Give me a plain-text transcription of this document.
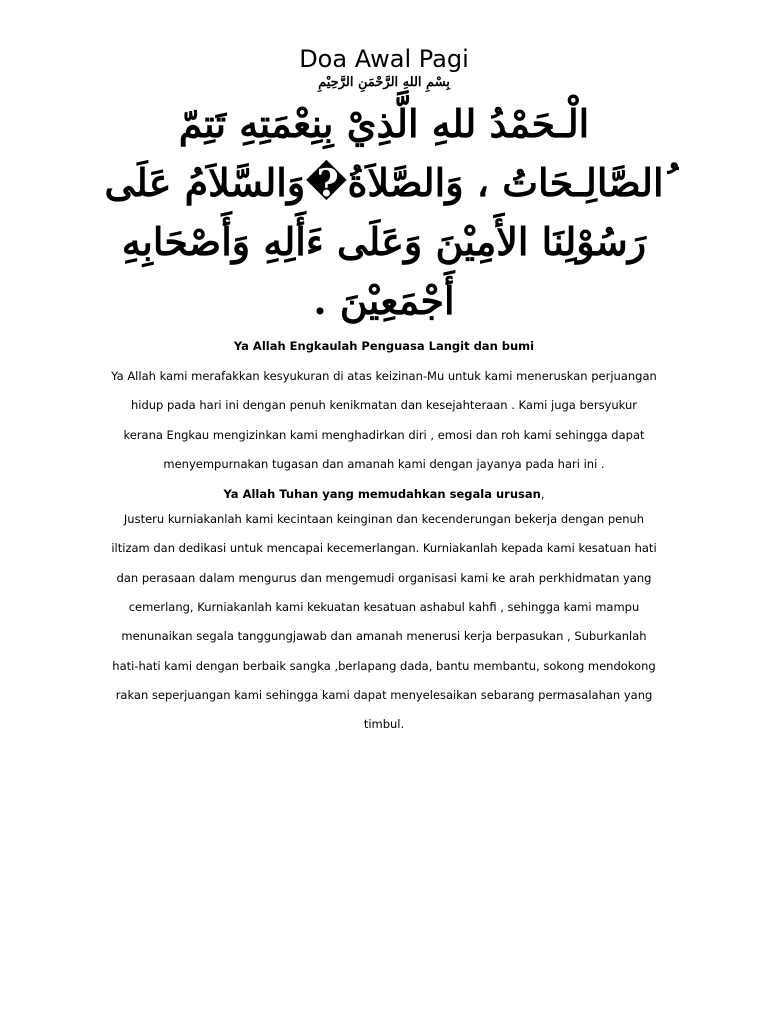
Doa Awal Pagi

بِسْمِ اللهِ الرَّحْمَنِ الرَّحِيْمِ

الْـحَمْدُ للهِ الَّذِيْ بِنِعْمَتِهِ تَتِمّ ُالصَّالِـحَاتُ ، وَالصَّلاَةُ�وَالسَّلاَمُ عَلَى رَسُوْلِنَا الأَمِيْنَ وَعَلَى ءَأَلِهِ وَأَصْحَابِهِ أَجْمَعِيْنَ .

Ya Allah Engkaulah Penguasa Langit dan bumi

Ya Allah kami merafakkan kesyukuran di atas keizinan-Mu untuk kami meneruskan perjuangan hidup pada hari ini dengan penuh kenikmatan dan kesejahteraan . Kami juga bersyukur kerana Engkau mengizinkan kami menghadirkan diri , emosi dan roh kami sehingga dapat menyempurnakan tugasan dan amanah kami dengan jayanya pada hari ini .

Ya Allah Tuhan yang memudahkan segala urusan,

Justeru kurniakanlah kami kecintaan keinginan dan kecenderungan bekerja dengan penuh iltizam dan dedikasi untuk mencapai kecemerlangan. Kurniakanlah kepada kami kesatuan hati dan perasaan dalam mengurus dan mengemudi organisasi kami ke arah perkhidmatan yang cemerlang, Kurniakanlah kami kekuatan kesatuan ashabul kahfi , sehingga kami mampu menunaikan segala tanggungjawab dan amanah menerusi kerja berpasukan , Suburkanlah hati-hati kami dengan berbaik sangka ,berlapang dada, bantu membantu, sokong mendokong rakan seperjuangan kami sehingga kami dapat menyelesaikan sebarang permasalahan yang timbul.
